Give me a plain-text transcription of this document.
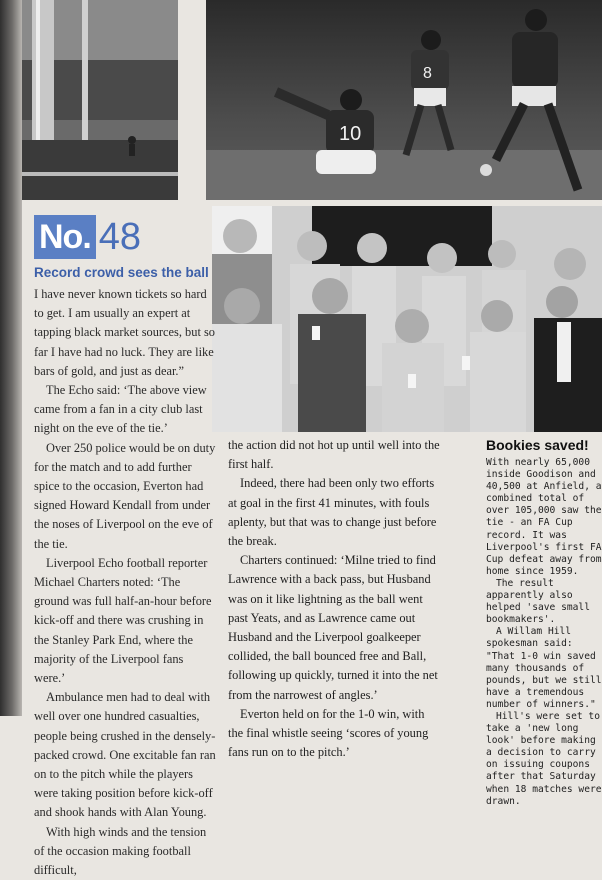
10
8
No. 48
Record crowd sees the ball

I have never known tickets so hard to get. I am usually an expert at tapping black market sources, but so far I have had no luck. They are like bars of gold, and just as dear.”

The Echo said: ‘The above view came from a fan in a city club last night on the eve of the tie.’

Over 250 police would be on duty for the match and to add further spice to the occasion, Everton had signed Howard Kendall from under the noses of Liverpool on the eve of the tie.

Liverpool Echo football reporter Michael Charters noted: ‘The ground was full half-an-hour before kick-off and there was crushing in the Stanley Park End, where the majority of the Liverpool fans were.’

Ambulance men had to deal with well over one hundred casualties, people being crushed in the densely-packed crowd. One excitable fan ran on to the pitch while the players were taking position before kick-off and shook hands with Alan Young.

With high winds and the tension of the occasion making football difficult,

the action did not hot up until well into the first half.

Indeed, there had been only two efforts at goal in the first 41 minutes, with fouls aplenty, but that was to change just before the break.

Charters continued: ‘Milne tried to find Lawrence with a back pass, but Husband was on it like lightning as the ball went past Yeats, and as Lawrence came out Husband and the Liverpool goalkeeper collided, the ball bounced free and Ball, following up quickly, turned it into the net from the narrowest of angles.’

Everton held on for the 1-0 win, with the final whistle seeing ‘scores of young fans run on to the pitch.’

Bookies saved!

With nearly 65,000 inside Goodison and 40,500 at Anfield, a combined total of over 105,000 saw the tie - an FA Cup record. It was Liverpool's first FA Cup defeat away from home since 1959.

The result apparently also helped 'save small bookmakers'.

A Willam Hill spokesman said: "That 1-0 win saved many thousands of pounds, but we still have a tremendous number of winners."

Hill's were set to take a 'new long look' before making a decision to carry on issuing coupons after that Saturday when 18 matches were drawn.
